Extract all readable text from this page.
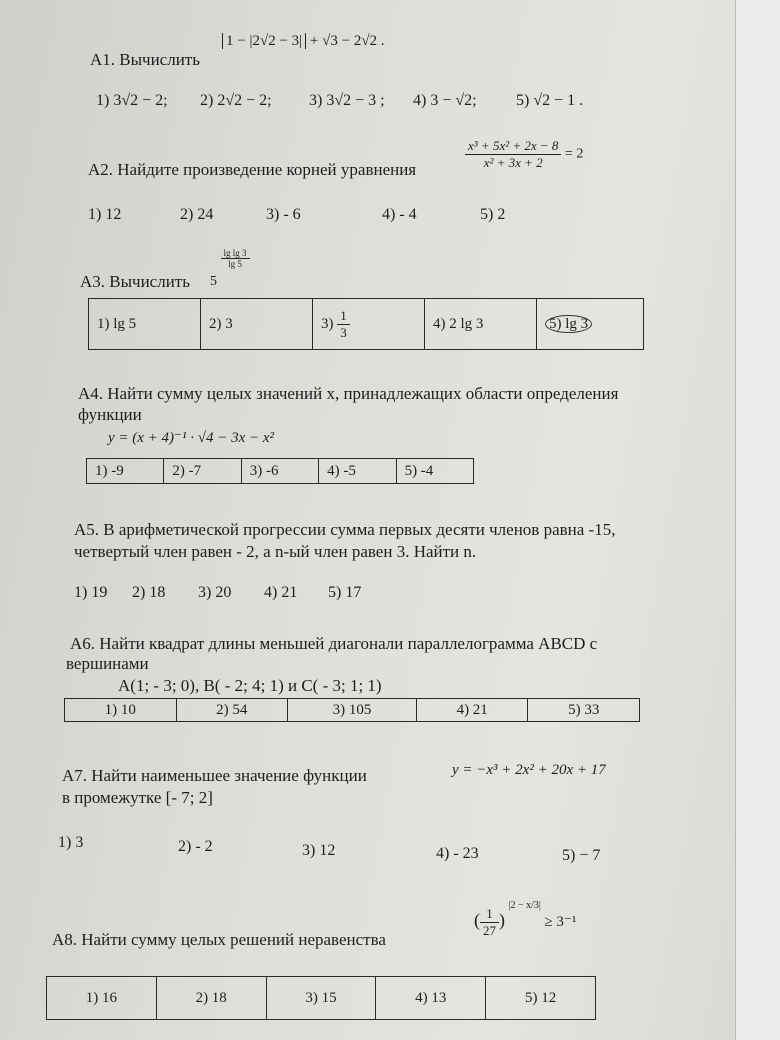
А1. Вычислить
1 − |2√2 − 3| + √3 − 2√2 .
1) 3√2 − 2; 2) 2√2 − 2; 3) 3√2 − 3 ; 4) 3 − √2; 5) √2 − 1 .
А2. Найдите произведение корней уравнения	$\frac{\text{x³ + 5x² + 2x − 8}}{\text{x² + 3x + 2}} = 2$
1) 12	2) 24	3) - 6	4) - 4	5) 2
А3. Вычислить 5
$\frac{\text{lg lg 3}}{\lg 5}$
1) lg 5	2) 3	$3) \frac{1}{3}$	4) 2 lg 3	5) lg 3
А4. Найти сумму целых значений x, принадлежащих области определения
функции
y = (x + 4)⁻¹ · √4 − 3x − x²
1) -9	2) -7	3) -6	4) -5	5) -4
А5. В арифметической прогрессии сумма первых десяти членов равна -15,
четвертый член равен - 2, а n-ый член равен 3. Найти n.
1) 19 2) 18 3) 20 4) 21 5) 17
А6. Найти квадрат длины меньшей диагонали параллелограмма ABCD с
вершинами
A(1; - 3; 0), B( - 2; 4; 1) и C( - 3; 1; 1)
1) 10	2) 54	3) 105	4) 21	5) 33
А7. Найти наименьшее значение функции
в промежутке [- 7; 2]
y = −x³ + 2x² + 20x + 17
1) 3	2) - 2	3) 12	4) - 23	5) − 7
А8. Найти сумму целых решений неравенства
( $\frac{1}{27}$ ) $^{|2 - x/3|}$ ≥ 3⁻¹
1) 16	2) 18	3) 15	4) 13	5) 12
